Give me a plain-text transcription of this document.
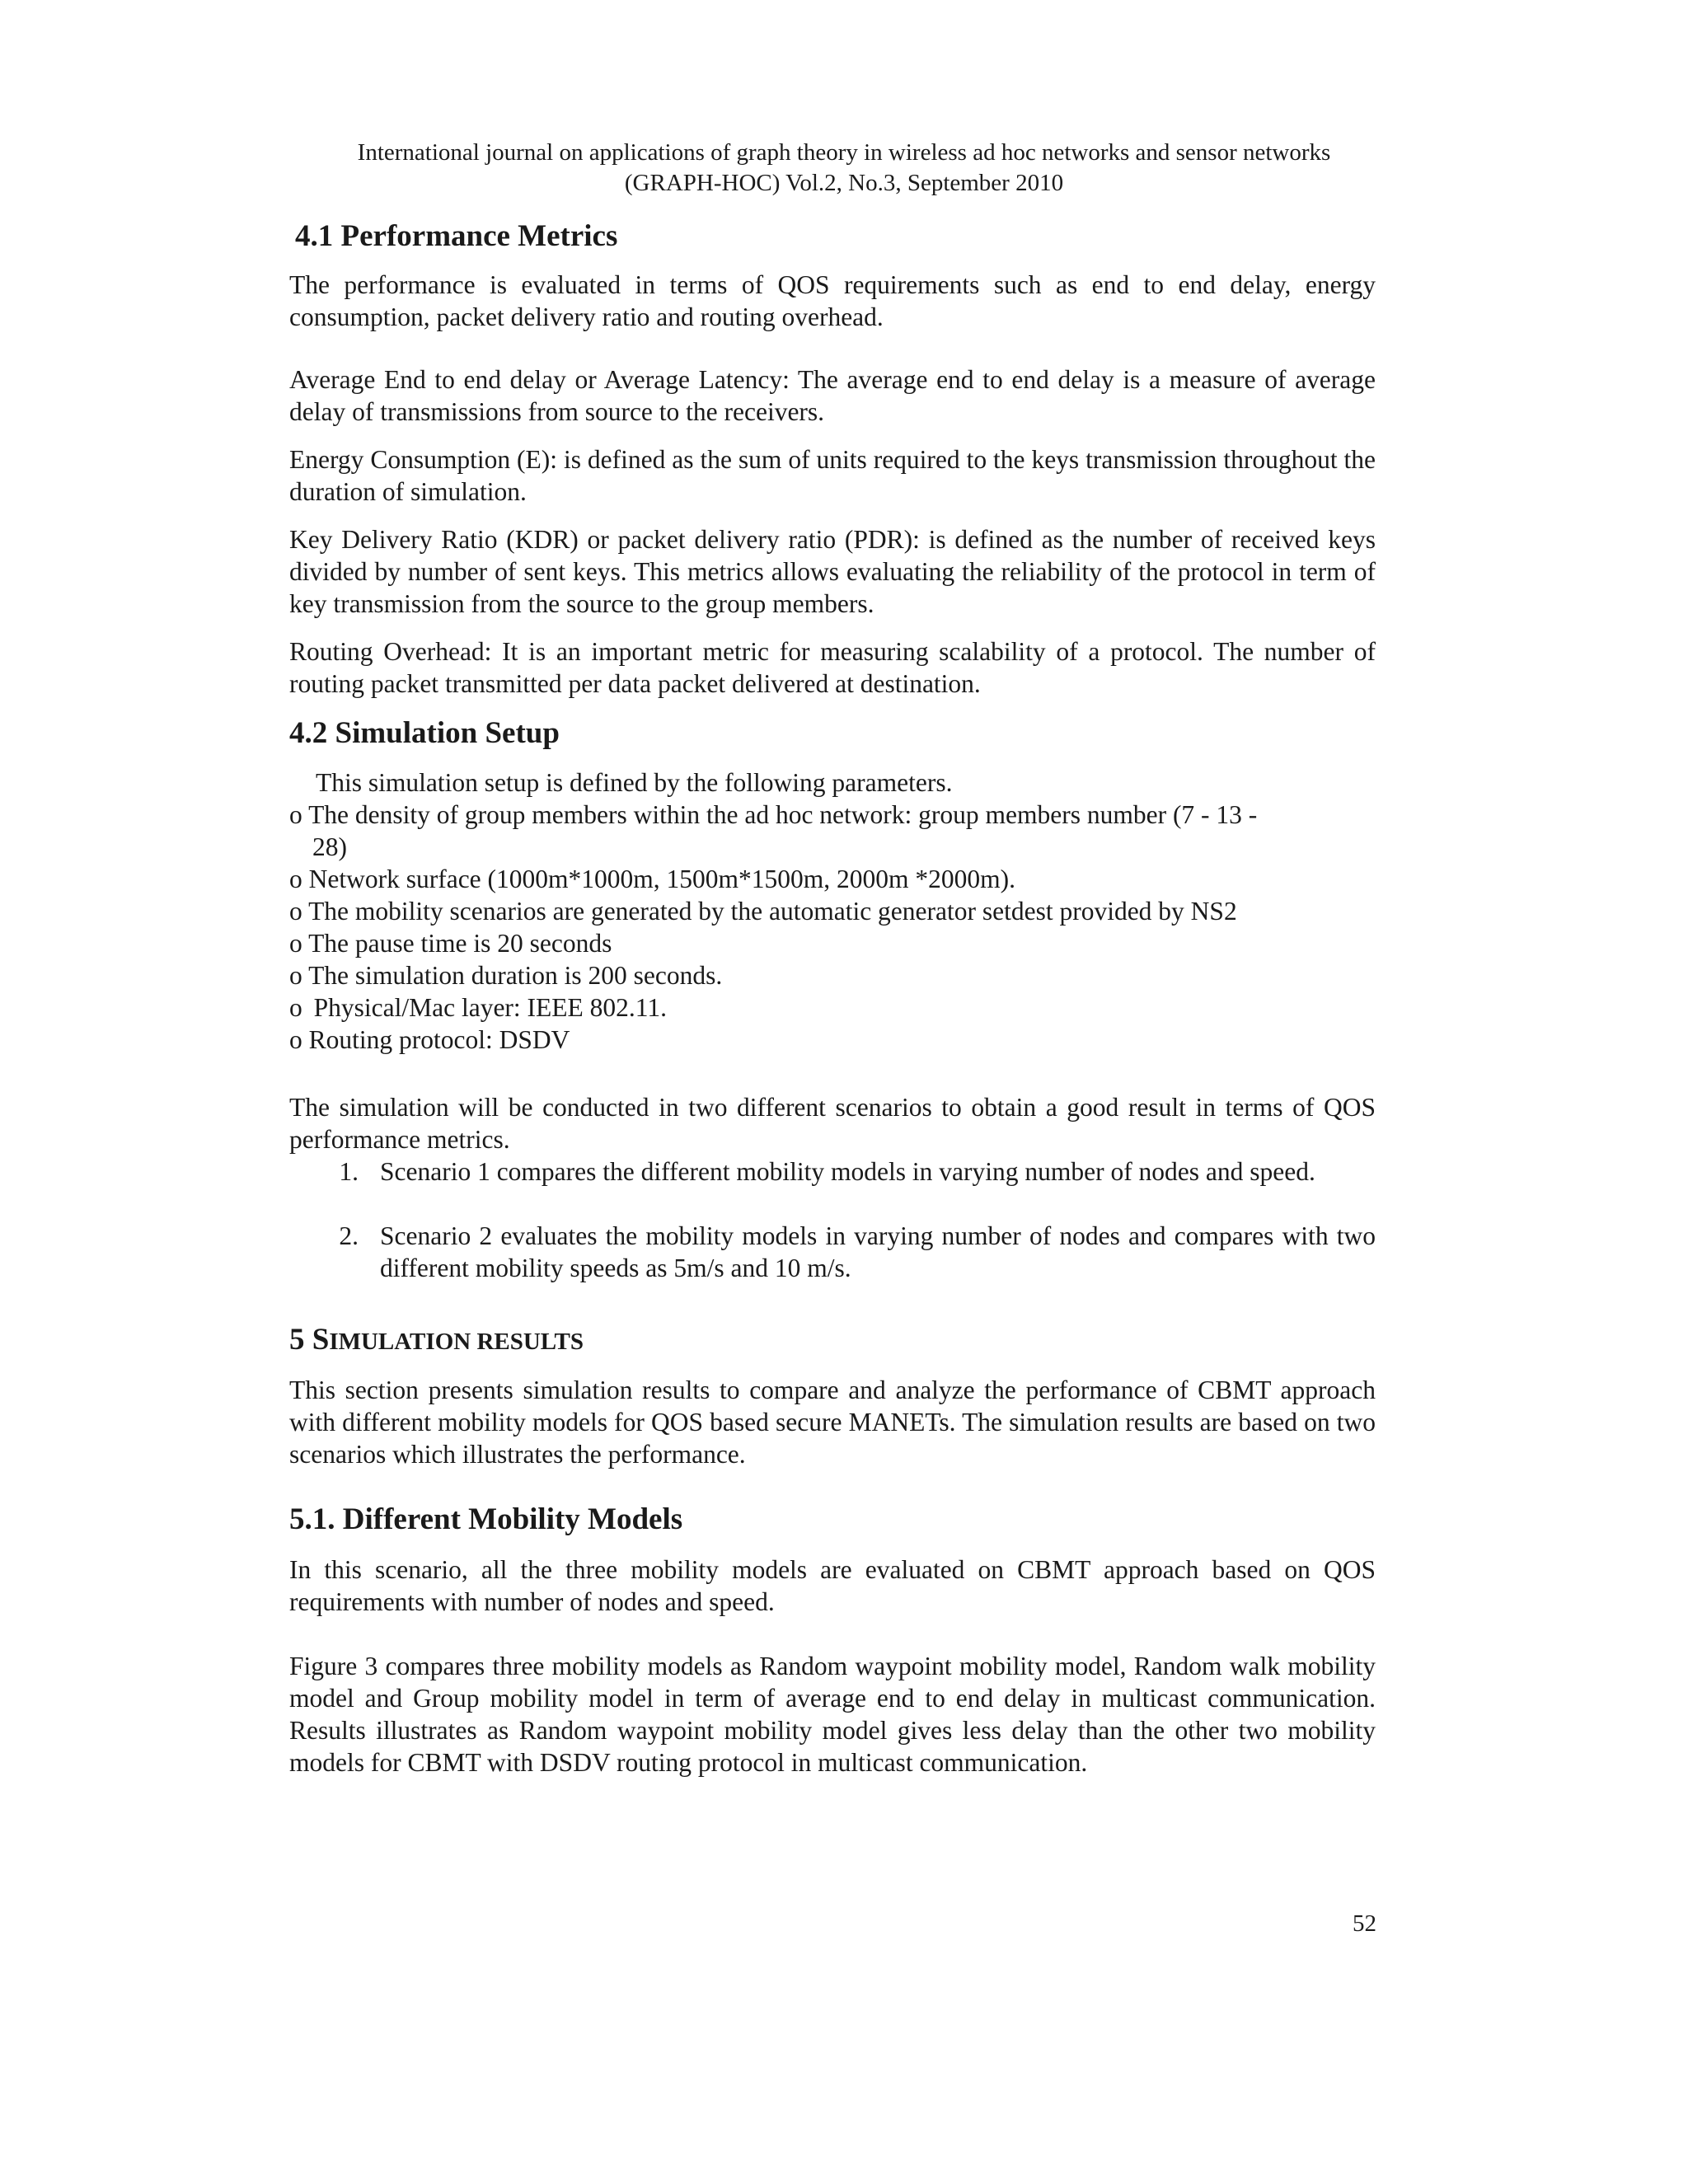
International journal on applications of graph theory in wireless ad hoc networks and sensor networks
(GRAPH-HOC) Vol.2, No.3, September 2010
4.1 Performance Metrics
The performance is evaluated in terms of QOS requirements such as end to end delay, energy consumption, packet delivery ratio and routing overhead.
Average End to end delay or Average Latency: The average end to end delay is a measure of average delay of transmissions from source to the receivers.
Energy Consumption (E): is defined as the sum of units required to the keys transmission throughout the duration of simulation.
Key Delivery Ratio (KDR) or packet delivery ratio (PDR): is defined as the number of received keys divided by number of sent keys. This metrics allows evaluating the reliability of the protocol in term of key transmission from the source to the group members.
Routing Overhead: It is an important metric for measuring scalability of a protocol. The number of routing packet transmitted per data packet delivered at destination.
4.2 Simulation Setup
This simulation setup is defined by the following parameters.
o The density of group members within the ad hoc network: group members number (7 - 13 -
28)
o Network surface (1000m*1000m, 1500m*1500m, 2000m *2000m).
o The mobility scenarios are generated by the automatic generator setdest provided by NS2
o The pause time is 20 seconds
o The simulation duration is 200 seconds.
o Physical/Mac layer: IEEE 802.11.
o Routing protocol: DSDV
The simulation will be conducted in two different scenarios to obtain a good result in terms of QOS performance metrics.
1. Scenario 1 compares the different mobility models in varying number of nodes and speed.
2. Scenario 2 evaluates the mobility models in varying number of nodes and compares with two different mobility speeds as 5m/s and 10 m/s.
5 SIMULATION RESULTS
This section presents simulation results to compare and analyze the performance of CBMT approach with different mobility models for QOS based secure MANETs. The simulation results are based on two scenarios which illustrates the performance.
5.1. Different Mobility Models
In this scenario, all the three mobility models are evaluated on CBMT approach based on QOS requirements with number of nodes and speed.
Figure 3 compares three mobility models as Random waypoint mobility model, Random walk mobility model and Group mobility model in term of average end to end delay in multicast communication. Results illustrates as Random waypoint mobility model gives less delay than the other two mobility models for CBMT with DSDV routing protocol in multicast communication.
52
